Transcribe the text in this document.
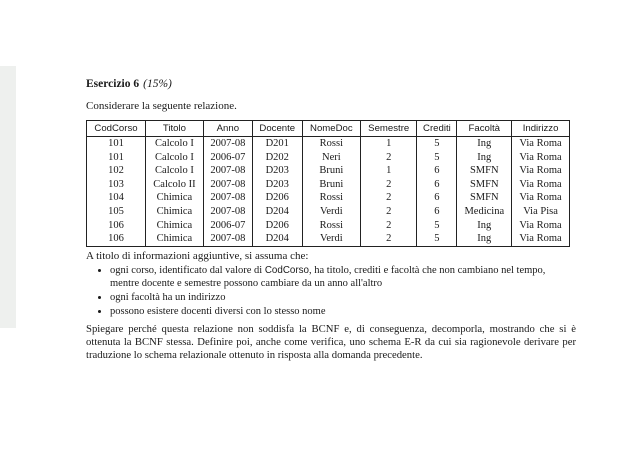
Esercizio 6 (15%)
Considerare la seguente relazione.
CodCorso	Titolo	Anno	Docente	NomeDoc	Semestre	Crediti	Facoltà	Indirizzo
101	Calcolo I	2007-08	D201	Rossi	1	5	Ing	Via Roma
101	Calcolo I	2006-07	D202	Neri	2	5	Ing	Via Roma
102	Calcolo I	2007-08	D203	Bruni	1	6	SMFN	Via Roma
103	Calcolo II	2007-08	D203	Bruni	2	6	SMFN	Via Roma
104	Chimica	2007-08	D206	Rossi	2	6	SMFN	Via Roma
105	Chimica	2007-08	D204	Verdi	2	6	Medicina	Via Pisa
106	Chimica	2006-07	D206	Rossi	2	5	Ing	Via Roma
106	Chimica	2007-08	D204	Verdi	2	5	Ing	Via Roma
A titolo di informazioni aggiuntive, si assuma che:
• ogni corso, identificato dal valore di CodCorso, ha titolo, crediti e facoltà che non cambiano nel tempo, mentre docente e semestre possono cambiare da un anno all'altro
• ogni facoltà ha un indirizzo
• possono esistere docenti diversi con lo stesso nome
Spiegare perché questa relazione non soddisfa la BCNF e, di conseguenza, decomporla, mostrando che si è ottenuta la BCNF stessa. Definire poi, anche come verifica, uno schema E-R da cui sia ragionevole derivare per traduzione lo schema relazionale ottenuto in risposta alla domanda precedente.
